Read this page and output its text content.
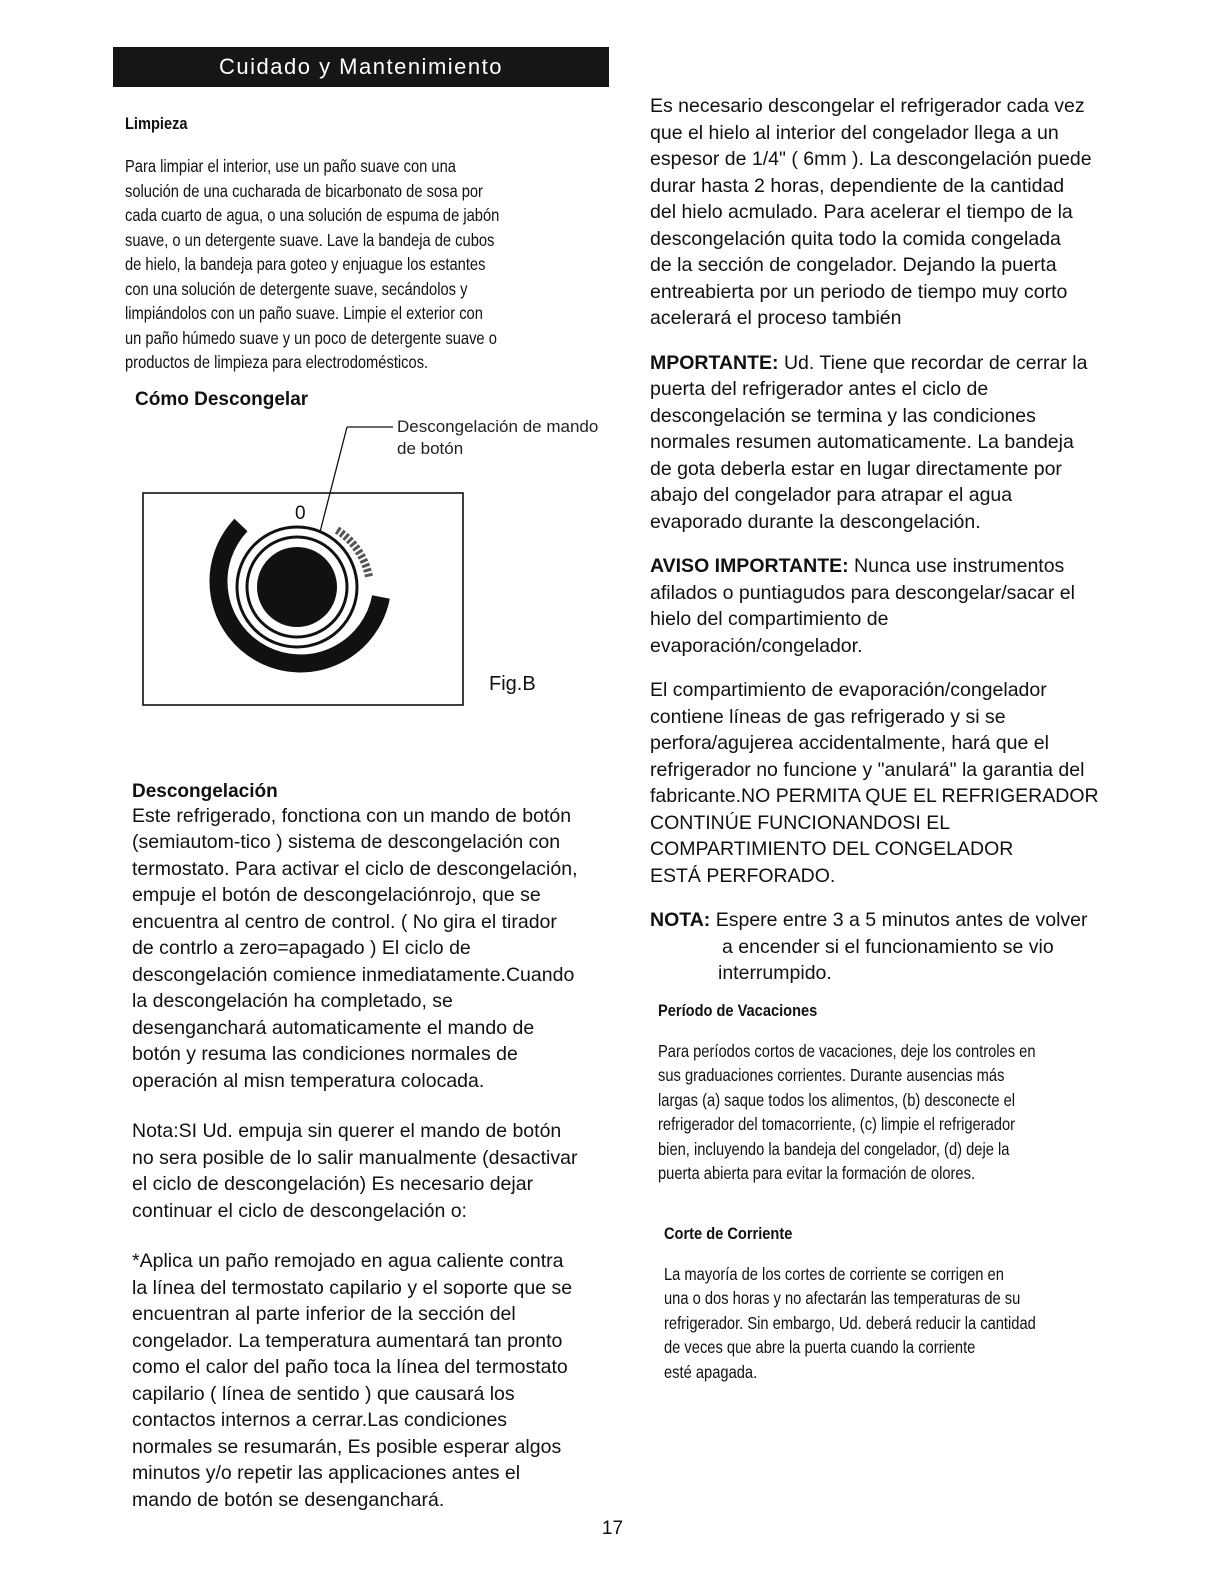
Cuidado y Mantenimiento
Limpieza

Para limpiar el interior, use un paño suave con una

solución de una cucharada de bicarbonato de sosa por

cada cuarto de agua, o una solución de espuma de jabón

suave, o un detergente suave. Lave la bandeja de cubos

de hielo, la bandeja para goteo y enjuague los estantes

con una solución de detergente suave, secándolos y

limpiándolos con un paño suave. Limpie el exterior con

un paño húmedo suave y un poco de detergente suave o

productos de limpieza para electrodomésticos.

Cómo Descongelar
Descongelación de mando
de botón
0
Fig.B
Descongelación

Este refrigerado, fonctiona con un mando de botón

(semiautom-tico ) sistema de descongelación con

termostato. Para activar el ciclo de descongelación,

empuje el botón de descongelaciónrojo, que se

encuentra al centro de control. ( No gira el tirador

de contrlo a zero=apagado ) El ciclo de

descongelación comience inmediatamente.Cuando

la descongelación ha completado, se

desenganchará automaticamente el mando de

botón y resuma las condiciones normales de

operación al misn temperatura colocada.

Nota:SI Ud. empuja sin querer el mando de botón

no sera posible de lo salir manualmente (desactivar

el ciclo de descongelación) Es necesario dejar

continuar el ciclo de descongelación o:

*Aplica un paño remojado en agua caliente contra

la línea del termostato capilario y el soporte que se

encuentran al parte inferior de la sección del

congelador. La temperatura aumentará tan pronto

como el calor del paño toca la línea del termostato

capilario ( línea de sentido ) que causará los

contactos internos a cerrar.Las condiciones

normales se resumarán, Es posible esperar algos

minutos y/o repetir las applicaciones antes el

mando de botón se desenganchará.

Es necesario descongelar el refrigerador cada vez

que el hielo al interior del congelador llega a un

espesor de 1/4" ( 6mm ). La descongelación puede

durar hasta 2 horas, dependiente de la cantidad

del hielo acmulado. Para acelerar el tiempo de la

descongelación quita todo la comida congelada

de la sección de congelador. Dejando la puerta

entreabierta por un periodo de tiempo muy corto

acelerará el proceso también

MPORTANTE: Ud. Tiene que recordar de cerrar la

puerta del refrigerador antes el ciclo de

descongelación se termina y las condiciones

normales resumen automaticamente. La bandeja

de gota deberla estar en lugar directamente por

abajo del congelador para atrapar el agua

evaporado durante la descongelación.

AVISO IMPORTANTE: Nunca use instrumentos

afilados o puntiagudos para descongelar/sacar el

hielo del compartimiento de

evaporación/congelador.

El compartimiento de evaporación/congelador

contiene líneas de gas refrigerado y si se

perfora/agujerea accidentalmente, hará que el

refrigerador no funcione y "anulará" la garantia del

fabricante.NO PERMITA QUE EL REFRIGERADOR

CONTINÚE FUNCIONANDOSI EL

COMPARTIMIENTO DEL CONGELADOR

ESTÁ PERFORADO.

NOTA: Espere entre 3 a 5 minutos antes de volver

a encender si el funcionamiento se vio

interrumpido.

Período de Vacaciones

Para períodos cortos de vacaciones, deje los controles en

sus graduaciones corrientes. Durante ausencias más

largas (a) saque todos los alimentos, (b) desconecte el

refrigerador del tomacorriente, (c) limpie el refrigerador

bien, incluyendo la bandeja del congelador, (d) deje la

puerta abierta para evitar la formación de olores.

Corte de Corriente

La mayoría de los cortes de corriente se corrigen en

una o dos horas y no afectarán las temperaturas de su

refrigerador. Sin embargo, Ud. deberá reducir la cantidad

de veces que abre la puerta cuando la corriente

esté apagada.

17
